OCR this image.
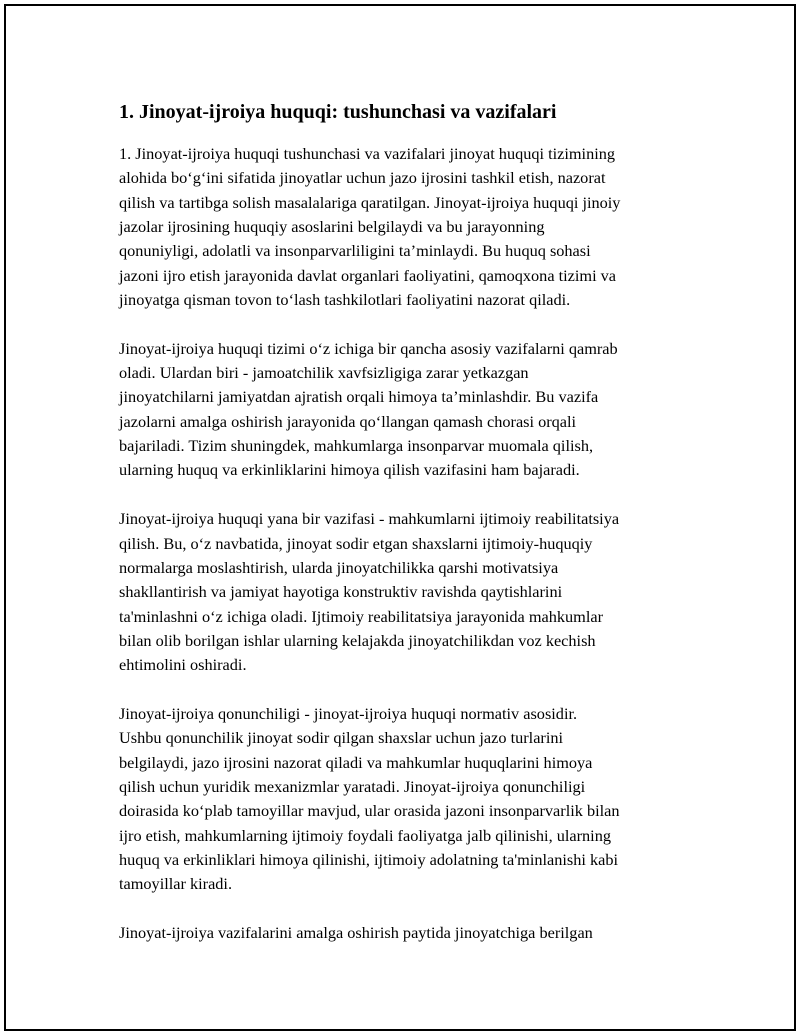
1. Jinoyat-ijroiya huquqi: tushunchasi va vazifalari

1. Jinoyat-ijroiya huquqi tushunchasi va vazifalari jinoyat huquqi tizimining
alohida bo‘g‘ini sifatida jinoyatlar uchun jazo ijrosini tashkil etish, nazorat
qilish va tartibga solish masalalariga qaratilgan. Jinoyat-ijroiya huquqi jinoiy
jazolar ijrosining huquqiy asoslarini belgilaydi va bu jarayonning
qonuniyligi, adolatli va insonparvarliligini ta’minlaydi. Bu huquq sohasi
jazoni ijro etish jarayonida davlat organlari faoliyatini, qamoqxona tizimi va
jinoyatga qisman tovon to‘lash tashkilotlari faoliyatini nazorat qiladi.

Jinoyat-ijroiya huquqi tizimi o‘z ichiga bir qancha asosiy vazifalarni qamrab
oladi. Ulardan biri - jamoatchilik xavfsizligiga zarar yetkazgan
jinoyatchilarni jamiyatdan ajratish orqali himoya ta’minlashdir. Bu vazifa
jazolarni amalga oshirish jarayonida qo‘llangan qamash chorasi orqali
bajariladi. Tizim shuningdek, mahkumlarga insonparvar muomala qilish,
ularning huquq va erkinliklarini himoya qilish vazifasini ham bajaradi.

Jinoyat-ijroiya huquqi yana bir vazifasi - mahkumlarni ijtimoiy reabilitatsiya
qilish. Bu, o‘z navbatida, jinoyat sodir etgan shaxslarni ijtimoiy-huquqiy
normalarga moslashtirish, ularda jinoyatchilikka qarshi motivatsiya
shakllantirish va jamiyat hayotiga konstruktiv ravishda qaytishlarini
ta'minlashni o‘z ichiga oladi. Ijtimoiy reabilitatsiya jarayonida mahkumlar
bilan olib borilgan ishlar ularning kelajakda jinoyatchilikdan voz kechish
ehtimolini oshiradi.

Jinoyat-ijroiya qonunchiligi - jinoyat-ijroiya huquqi normativ asosidir.
Ushbu qonunchilik jinoyat sodir qilgan shaxslar uchun jazo turlarini
belgilaydi, jazo ijrosini nazorat qiladi va mahkumlar huquqlarini himoya
qilish uchun yuridik mexanizmlar yaratadi. Jinoyat-ijroiya qonunchiligi
doirasida ko‘plab tamoyillar mavjud, ular orasida jazoni insonparvarlik bilan
ijro etish, mahkumlarning ijtimoiy foydali faoliyatga jalb qilinishi, ularning
huquq va erkinliklari himoya qilinishi, ijtimoiy adolatning ta'minlanishi kabi
tamoyillar kiradi.

Jinoyat-ijroiya vazifalarini amalga oshirish paytida jinoyatchiga berilgan
